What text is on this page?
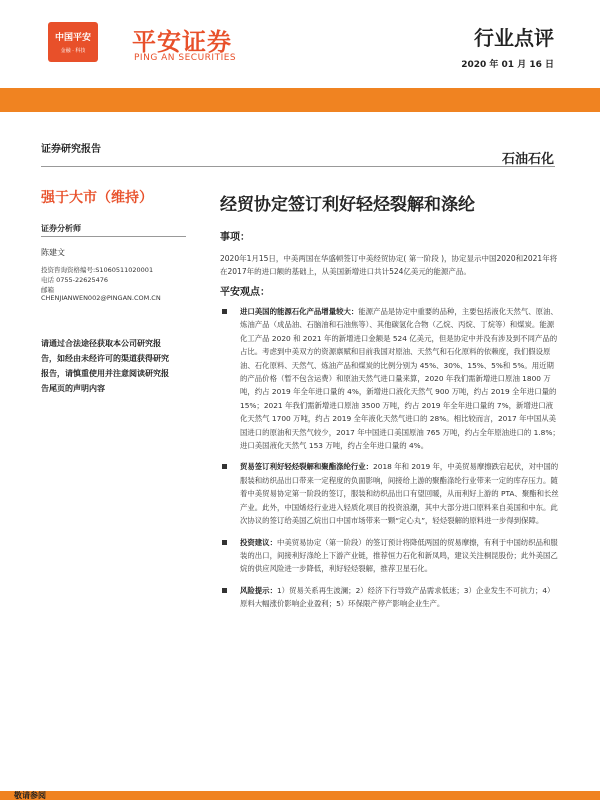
中国平安
金融 · 科技	平安证券
PING AN SECURITIES
行业点评
2020 年 01 月 16 日
证券研究报告
石油石化
强于大市（维持）	经贸协定签订利好轻烃裂解和涤纶
证券分析师
陈建文
投资咨询资格编号:S1060511020001
电话 0755-22625476
邮箱
CHENJIANWEN002@PINGAN.COM.CN
请通过合法途径获取本公司研究报告，如经由未经许可的渠道获得研究报告，请慎重使用并注意阅读研究报告尾页的声明内容
事项：
2020年1月15日，中美两国在华盛顿签订中美经贸协定( 第一阶段 )，协定显示中国2020和2021年将在2017年的进口额的基础上，从美国新增进口共计524亿美元的能源产品。
平安观点：
进口美国的能源石化产品增量较大：能源产品是协定中重要的品种，主要包括液化天然气、原油、炼油产品（成品油、石脑油和石油焦等）、其他碳氢化合物（乙烷、丙烷、丁烷等）和煤炭。能源化工产品 2020 和 2021 年的新增进口金额是 524 亿美元，但是协定中并没有涉及到不同产品的占比。考虑到中美双方的资源禀赋和目前我国对原油、天然气和石化原料的依赖度，我们假设原油、石化原料、天然气、炼油产品和煤炭的比例分别为 45%、30%、15%、5%和 5%。用近期的产品价格（暂不包含运费）和原油天然气进口量来算，2020 年我们需新增进口原油 1800 万吨，约占 2019 年全年进口量的 4%，新增进口液化天然气 900 万吨，约占 2019 全年进口量的 15%；2021 年我们需新增进口原油 3500 万吨，约占 2019 年全年进口量的 7%，新增进口液化天然气 1700 万吨，约占 2019 全年液化天然气进口的 28%。相比较而言，2017 年中国从美国进口的原油和天然气较少，2017 年中国进口美国原油 765 万吨，约占全年原油进口的 1.8%；进口美国液化天然气 153 万吨，约占全年进口量的 4%。
贸易签订利好轻烃裂解和聚酯涤纶行业：2018 年和 2019 年，中美贸易摩擦跌宕起伏，对中国的服装和纺织品出口带来一定程度的负面影响，间接给上游的聚酯涤纶行业带来一定的库存压力。随着中美贸易协定第一阶段的签订，服装和纺织品出口有望回暖，从而利好上游的 PTA、聚酯和长丝产业。此外，中国烯烃行业进入轻质化项目的投资浪潮，其中大部分进口原料来自美国和中东。此次协议的签订给美国乙烷出口中国市场带来一颗“定心丸”，轻烃裂解的原料进一步得到保障。
投资建议：中美贸易协定（第一阶段）的签订预计将降低两国的贸易摩擦，有利于中国纺织品和服装的出口，间接利好涤纶上下游产业链，推荐恒力石化和新凤鸣，建议关注桐昆股份；此外美国乙烷的供应风险进一步降低，利好轻烃裂解，推荐卫星石化。
风险提示：1）贸易关系再生波澜；2）经济下行导致产品需求低迷；3）企业发生不可抗力；4）原料大幅涨价影响企业盈利；5）环保限产停产影响企业生产。
敬请参阅
